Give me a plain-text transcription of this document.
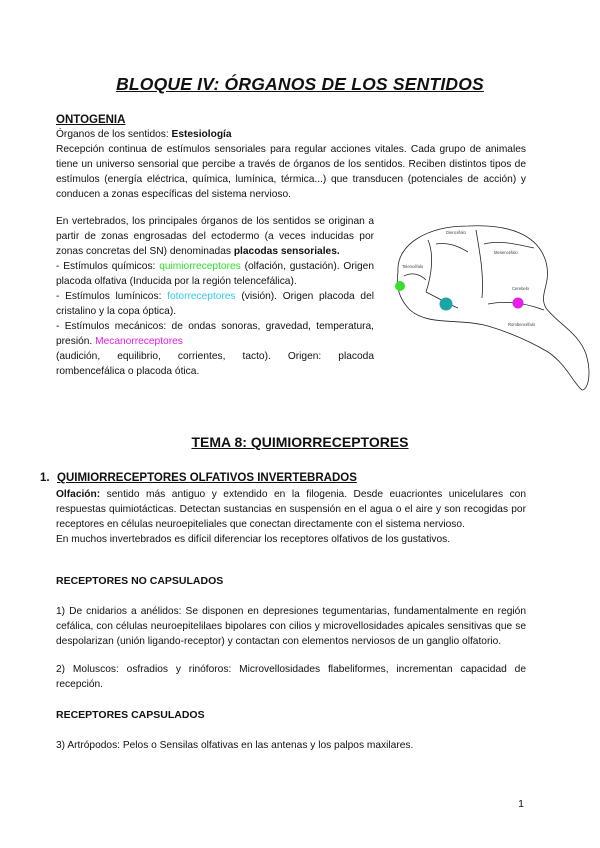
BLOQUE IV: ÓRGANOS DE LOS SENTIDOS
ONTOGENIA
Órganos de los sentidos: Estesiología
Recepción continua de estímulos sensoriales para regular acciones vitales. Cada grupo de animales tiene un universo sensorial que percibe a través de órganos de los sentidos. Reciben distintos tipos de estímulos (energía eléctrica, química, lumínica, térmica...) que transducen (potenciales de acción) y conducen a zonas específicas del sistema nervioso.
En vertebrados, los principales órganos de los sentidos se originan a partir de zonas engrosadas del ectodermo (a veces inducidas por zonas concretas del SN) denominadas placodas sensoriales.
- Estímulos químicos: quimiorreceptores (olfación, gustación). Origen placoda olfativa (Inducida por la región telencefálica).
- Estímulos lumínicos: fotorreceptores (visión). Origen placoda del cristalino y la copa óptica).
- Estímulos mecánicos: de ondas sonoras, gravedad, temperatura, presión. Mecanorreceptores
(audición, equilibrio, corrientes, tacto). Origen: placoda rombencefálica o placoda ótica.
Diencéfalo
Telencéfalo
Mesencéfalo
Cerebelo
Rombencéfalo
TEMA 8: QUIMIORRECEPTORES
1. QUIMIORRECEPTORES OLFATIVOS INVERTEBRADOS
Olfación: sentido más antiguo y extendido en la filogenia. Desde euacriontes unicelulares con respuestas quimiotácticas. Detectan sustancias en suspensión en el agua o el aire y son recogidas por receptores en células neuroepiteliales que conectan directamente con el sistema nervioso.
En muchos invertebrados es difícil diferenciar los receptores olfativos de los gustativos.
RECEPTORES NO CAPSULADOS
1) De cnidarios a anélidos: Se disponen en depresiones tegumentarias, fundamentalmente en región cefálica, con células neuroepitelilaes bipolares con cilios y microvellosidades apicales sensitivas que se despolarizan (unión ligando-receptor) y contactan con elementos nerviosos de un ganglio olfatorio.
2) Moluscos: osfradios y rinóforos: Microvellosidades flabeliformes, incrementan capacidad de recepción.
RECEPTORES CAPSULADOS
3) Artrópodos: Pelos o Sensilas olfativas en las antenas y los palpos maxilares.
1
